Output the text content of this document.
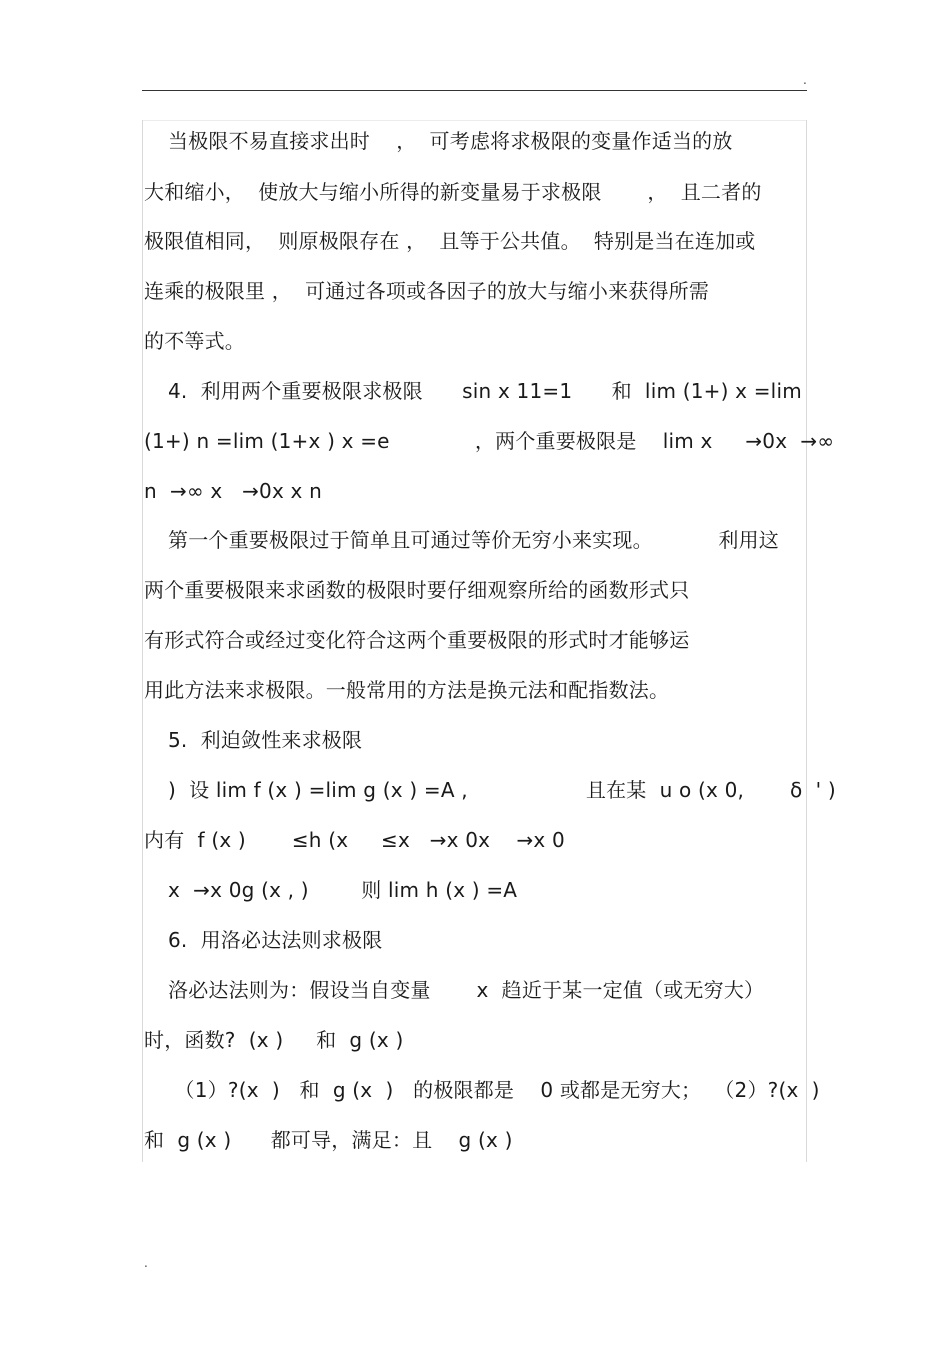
.
当极限不易直接求出时    ，  可考虑将求极限的变量作适当的放
大和缩小，  使放大与缩小所得的新变量易于求极限       ，  且二者的
极限值相同，  则原极限存在 ，  且等于公共值。  特别是当在连加或
连乘的极限里 ，  可通过各项或各因子的放大与缩小来获得所需
的不等式。
4.  利用两个重要极限求极限      sin x 11=1      和  lim (1+) x =lim
(1+) n =lim (1+x ) x =e             ，两个重要极限是    lim x     →0x  →∞
n  →∞ x   →0x x n
第一个重要极限过于简单且可通过等价无穷小来实现。          利用这
两个重要极限来求函数的极限时要仔细观察所给的函数形式只
有形式符合或经过变化符合这两个重要极限的形式时才能够运
用此方法来求极限。一般常用的方法是换元法和配指数法。
5.  利迫敛性来求极限
)  设 lim f (x ) =lim g (x ) =A ,                  且在某  u o (x 0,       δ  ' )
内有  f (x )       ≤h (x     ≤x   →x 0x    →x 0
x  →x 0g (x , )        则 lim h (x ) =A
6.  用洛必达法则求极限
洛必达法则为：假设当自变量       x  趋近于某一定值（或无穷大）
时，函数?  (x )     和  g (x )
（1）?(x  )   和  g (x  )   的极限都是    0 或都是无穷大；  （2）?(x  )
和  g (x )      都可导，满足：且    g (x )
.
